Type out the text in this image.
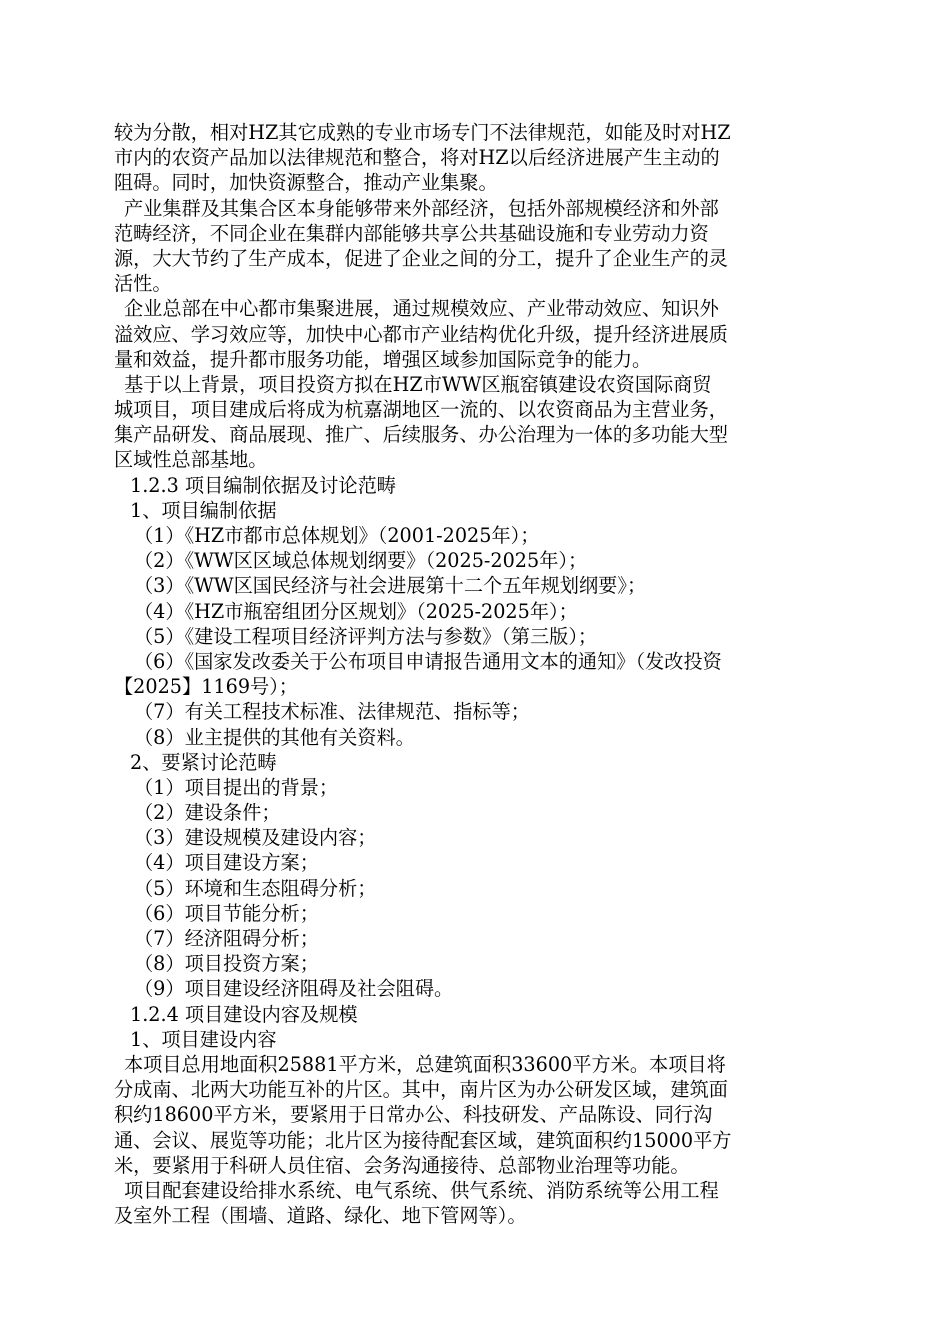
较为分散，相对HZ其它成熟的专业市场专门不法律规范，如能及时对HZ
市内的农资产品加以法律规范和整合，将对HZ以后经济进展产生主动的
阻碍。同时，加快资源整合，推动产业集聚。
产业集群及其集合区本身能够带来外部经济，包括外部规模经济和外部
范畴经济，不同企业在集群内部能够共享公共基础设施和专业劳动力资
源，大大节约了生产成本，促进了企业之间的分工，提升了企业生产的灵
活性。
企业总部在中心都市集聚进展，通过规模效应、产业带动效应、知识外
溢效应、学习效应等，加快中心都市产业结构优化升级，提升经济进展质
量和效益，提升都市服务功能，增强区域参加国际竞争的能力。
基于以上背景，项目投资方拟在HZ市WW区瓶窑镇建设农资国际商贸
城项目，项目建成后将成为杭嘉湖地区一流的、以农资商品为主营业务，
集产品研发、商品展现、推广、后续服务、办公治理为一体的多功能大型
区域性总部基地。
1.2.3 项目编制依据及讨论范畴
1、项目编制依据
（1）《HZ市都市总体规划》（2001-2025年）；
（2）《WW区区域总体规划纲要》（2025-2025年）；
（3）《WW区国民经济与社会进展第十二个五年规划纲要》；
（4）《HZ市瓶窑组团分区规划》（2025-2025年）；
（5）《建设工程项目经济评判方法与参数》（第三版）；
（6）《国家发改委关于公布项目申请报告通用文本的通知》（发改投资
【2025】1169号）；
（7）有关工程技术标准、法律规范、指标等；
（8）业主提供的其他有关资料。
2、要紧讨论范畴
（1）项目提出的背景；
（2）建设条件；
（3）建设规模及建设内容；
（4）项目建设方案；
（5）环境和生态阻碍分析；
（6）项目节能分析；
（7）经济阻碍分析；
（8）项目投资方案；
（9）项目建设经济阻碍及社会阻碍。
1.2.4 项目建设内容及规模
1、项目建设内容
本项目总用地面积25881平方米，总建筑面积33600平方米。本项目将
分成南、北两大功能互补的片区。其中，南片区为办公研发区域，建筑面
积约18600平方米，要紧用于日常办公、科技研发、产品陈设、同行沟
通、会议、展览等功能；北片区为接待配套区域，建筑面积约15000平方
米，要紧用于科研人员住宿、会务沟通接待、总部物业治理等功能。
项目配套建设给排水系统、电气系统、供气系统、消防系统等公用工程
及室外工程（围墙、道路、绿化、地下管网等）。
